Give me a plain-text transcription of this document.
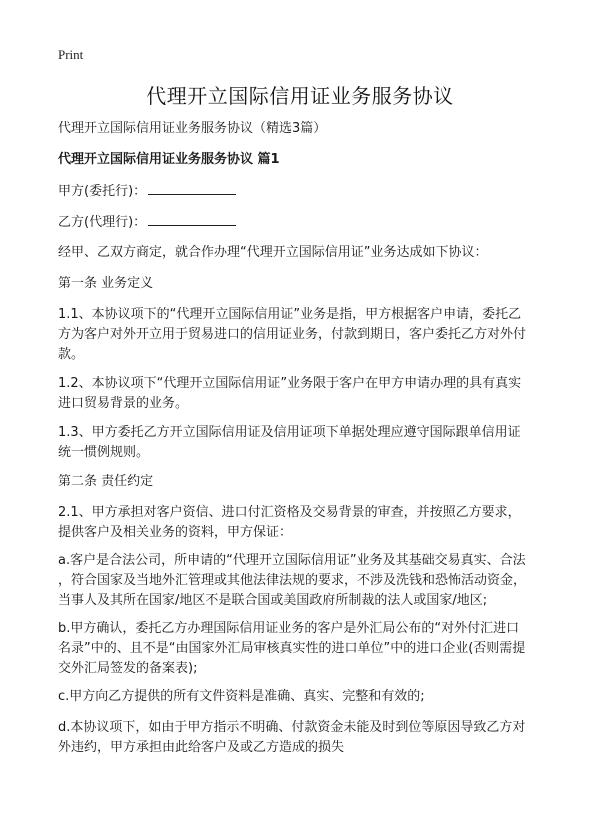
Print
代理开立国际信用证业务服务协议
代理开立国际信用证业务服务协议（精选3篇）
代理开立国际信用证业务服务协议 篇1
甲方(委托行)：
乙方(代理行)：
经甲、乙双方商定，就合作办理“代理开立国际信用证”业务达成如下协议：
第一条 业务定义
1.1、本协议项下的“代理开立国际信用证”业务是指，甲方根据客户申请，委托乙
方为客户对外开立用于贸易进口的信用证业务，付款到期日，客户委托乙方对外付
款。
1.2、本协议项下“代理开立国际信用证”业务限于客户在甲方申请办理的具有真实
进口贸易背景的业务。
1.3、甲方委托乙方开立国际信用证及信用证项下单据处理应遵守国际跟单信用证
统一惯例规则。
第二条 责任约定
2.1、甲方承担对客户资信、进口付汇资格及交易背景的审查，并按照乙方要求，
提供客户及相关业务的资料，甲方保证：
a.客户是合法公司，所申请的“代理开立国际信用证”业务及其基础交易真实、合法
，符合国家及当地外汇管理或其他法律法规的要求，不涉及洗钱和恐怖活动资金，
当事人及其所在国家/地区不是联合国或美国政府所制裁的法人或国家/地区;
b.甲方确认，委托乙方办理国际信用证业务的客户是外汇局公布的“对外付汇进口
名录”中的、且不是“由国家外汇局审核真实性的进口单位”中的进口企业(否则需提
交外汇局签发的备案表);
c.甲方向乙方提供的所有文件资料是准确、真实、完整和有效的;
d.本协议项下，如由于甲方指示不明确、付款资金未能及时到位等原因导致乙方对
外违约，甲方承担由此给客户及或乙方造成的损失
